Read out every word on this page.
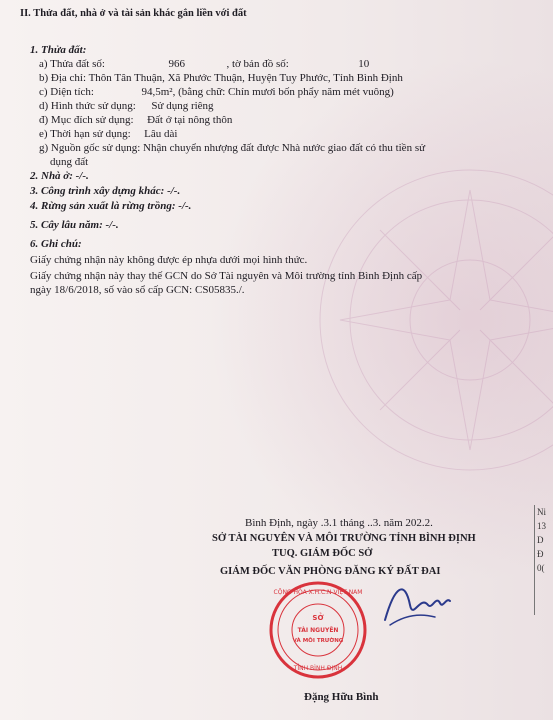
II. Thửa đất, nhà ở và tài sản khác gắn liền với đất
1. Thửa đất:
a) Thửa đất số:	966	, tờ bản đồ số:	10
b) Địa chỉ: Thôn Tân Thuận, Xã Phước Thuận, Huyện Tuy Phước, Tỉnh Bình Định
c) Diện tích:	94,5m², (bằng chữ: Chín mươi bốn phẩy năm mét vuông)
d) Hình thức sử dụng: Sử dụng riêng
đ) Mục đích sử dụng: Đất ở tại nông thôn
e) Thời hạn sử dụng: Lâu dài
g) Nguồn gốc sử dụng: Nhận chuyển nhượng đất được Nhà nước giao đất có thu tiền sử
dụng đất
2. Nhà ở: -/-.
3. Công trình xây dựng khác: -/-.
4. Rừng sản xuất là rừng trồng: -/-.
5. Cây lâu năm: -/-.
6. Ghi chú:
Giấy chứng nhận này không được ép nhựa dưới mọi hình thức.
Giấy chứng nhận này thay thế GCN do Sở Tài nguyên và Môi trường tỉnh Bình Định cấp
ngày 18/6/2018, số vào sổ cấp GCN: CS05835./.
Bình Định, ngày .3.1 tháng ..3. năm 202.2.
SỞ TÀI NGUYÊN VÀ MÔI TRƯỜNG TỈNH BÌNH ĐỊNH
TUQ. GIÁM ĐỐC SỞ
GIÁM ĐỐC VĂN PHÒNG ĐĂNG KÝ ĐẤT ĐAI
CỘNG HÒA X.H.C.N VIỆT NAM
SỞ
TÀI NGUYÊN
VÀ MÔI TRƯỜNG
TỈNH BÌNH ĐỊNH
Đặng Hữu Bình
Ni
13
D
Đ
0(
